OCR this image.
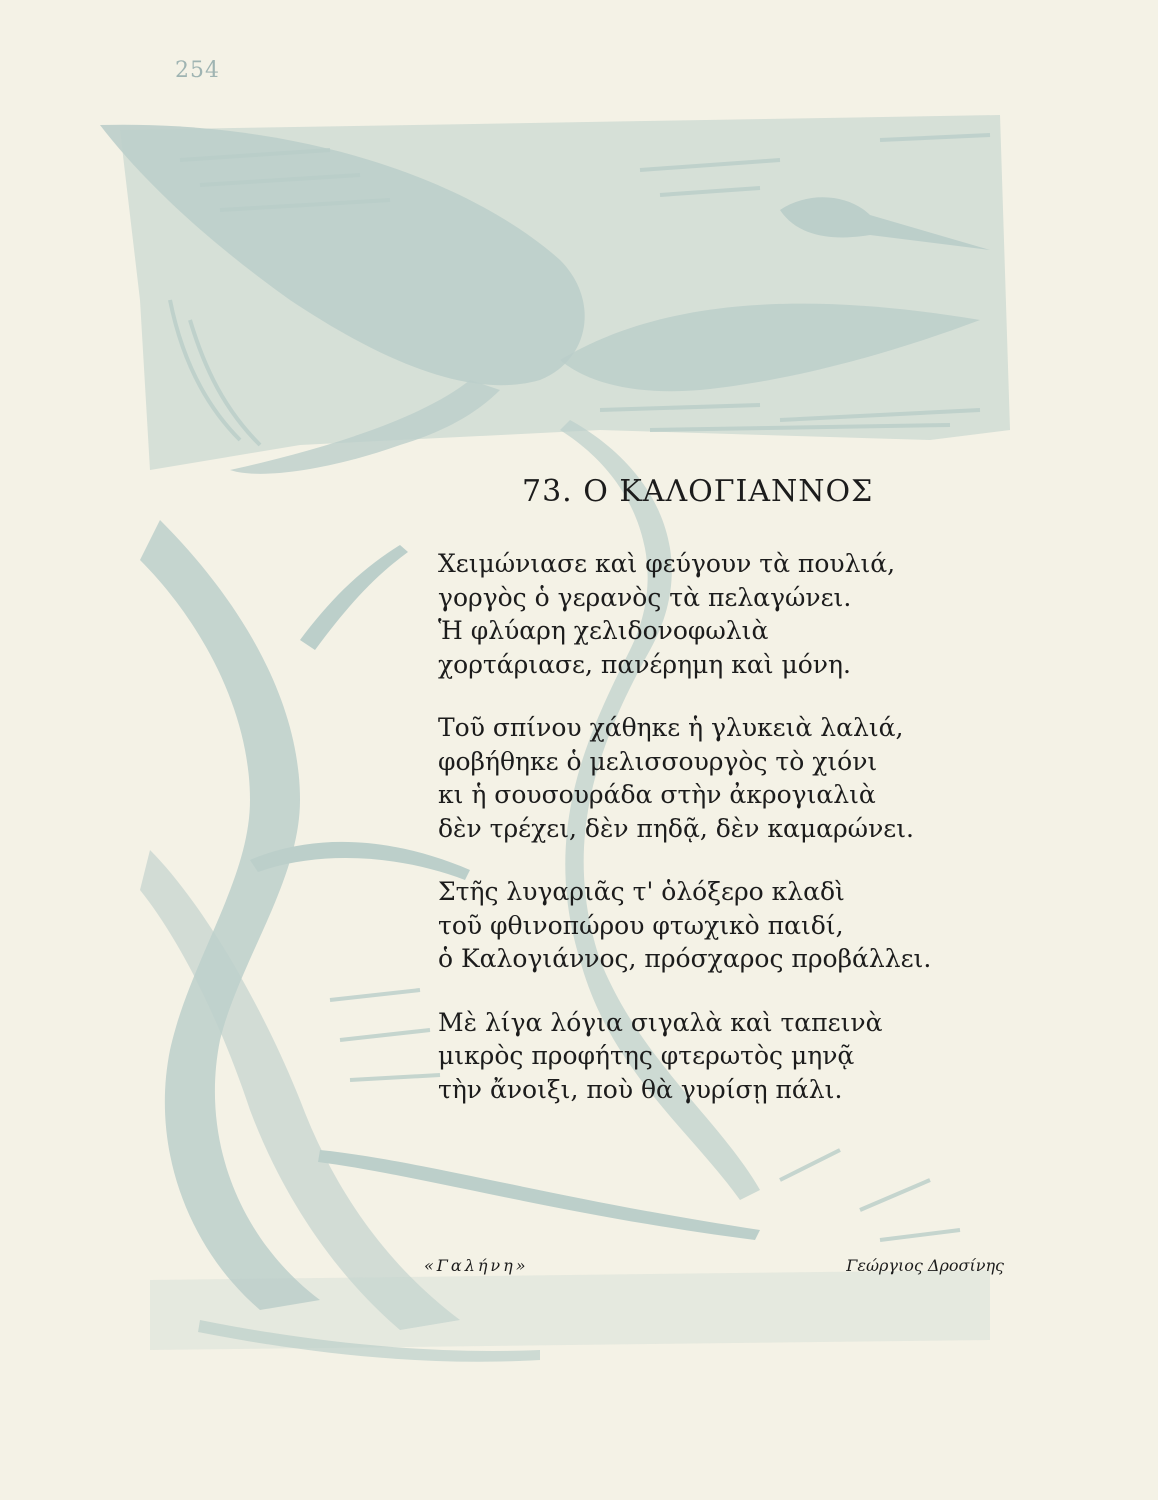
254
73. Ο ΚΑΛΟΓΙΑΝΝΟΣ
Χειμώνιασε καὶ φεύγουν τὰ πουλιά,
γοργὸς ὁ γερανὸς τὰ πελαγώνει.
Ἡ φλύαρη χελιδονοφωλιὰ
χορτάριασε, πανέρημη καὶ μόνη.
Τοῦ σπίνου χάθηκε ἡ γλυκειὰ λαλιά,
φοβήθηκε ὁ μελισσουργὸς τὸ χιόνι
κι ἡ σουσουράδα στὴν ἀκρογιαλιὰ
δὲν τρέχει, δὲν πηδᾷ, δὲν καμαρώνει.
Στῆς λυγαριᾶς τ' ὁλόξερο κλαδὶ
τοῦ φθινοπώρου φτωχικὸ παιδί,
ὁ Καλογιάννος, πρόσχαρος προβάλλει.
Μὲ λίγα λόγια σιγαλὰ καὶ ταπεινὰ
μικρὸς προφήτης φτερωτὸς μηνᾷ
τὴν ἄνοιξι, ποὺ θὰ γυρίσῃ πάλι.
«Γαλήνη»	Γεώργιος Δροσίνης
